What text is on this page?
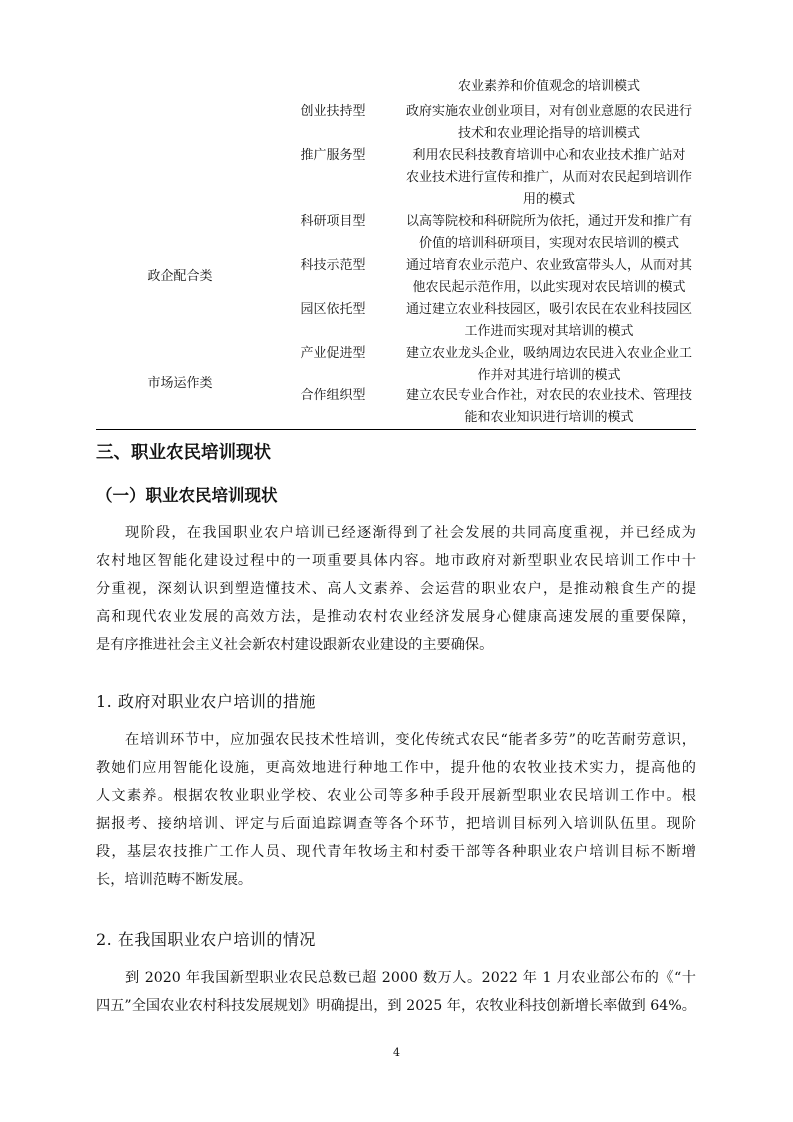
农业素养和价值观念的培训模式
创业扶持型	政府实施农业创业项目，对有创业意愿的农民进行
技术和农业理论指导的培训模式
推广服务型	利用农民科技教育培训中心和农业技术推广站对
农业技术进行宣传和推广，从而对农民起到培训作
用的模式
科研项目型	以高等院校和科研院所为依托，通过开发和推广有
价值的培训科研项目，实现对农民培训的模式
政企配合类
科技示范型	通过培育农业示范户、农业致富带头人，从而对其
他农民起示范作用，以此实现对农民培训的模式
园区依托型	通过建立农业科技园区，吸引农民在农业科技园区
工作进而实现对其培训的模式
产业促进型	建立农业龙头企业，吸纳周边农民进入农业企业工
作并对其进行培训的模式
市场运作类
合作组织型	建立农民专业合作社，对农民的农业技术、管理技
能和农业知识进行培训的模式
三、职业农民培训现状
（一）职业农民培训现状
现阶段，在我国职业农户培训已经逐渐得到了社会发展的共同高度重视，并已经成为
农村地区智能化建设过程中的一项重要具体内容。地市政府对新型职业农民培训工作中十
分重视，深刻认识到塑造懂技术、高人文素养、会运营的职业农户，是推动粮食生产的提
高和现代农业发展的高效方法，是推动农村农业经济发展身心健康高速发展的重要保障，
是有序推进社会主义社会新农村建设跟新农业建设的主要确保。
1. 政府对职业农户培训的措施
在培训环节中，应加强农民技术性培训，变化传统式农民“能者多劳”的吃苦耐劳意识，
教她们应用智能化设施，更高效地进行种地工作中，提升他的农牧业技术实力，提高他的
人文素养。根据农牧业职业学校、农业公司等多种手段开展新型职业农民培训工作中。根
据报考、接纳培训、评定与后面追踪调查等各个环节，把培训目标列入培训队伍里。现阶
段，基层农技推广工作人员、现代青年牧场主和村委干部等各种职业农户培训目标不断增
长，培训范畴不断发展。
2. 在我国职业农户培训的情况
到 2020 年我国新型职业农民总数已超 2000 数万人。2022 年 1 月农业部公布的《“十
四五”全国农业农村科技发展规划》明确提出，到 2025 年，农牧业科技创新增长率做到 64%。
4
